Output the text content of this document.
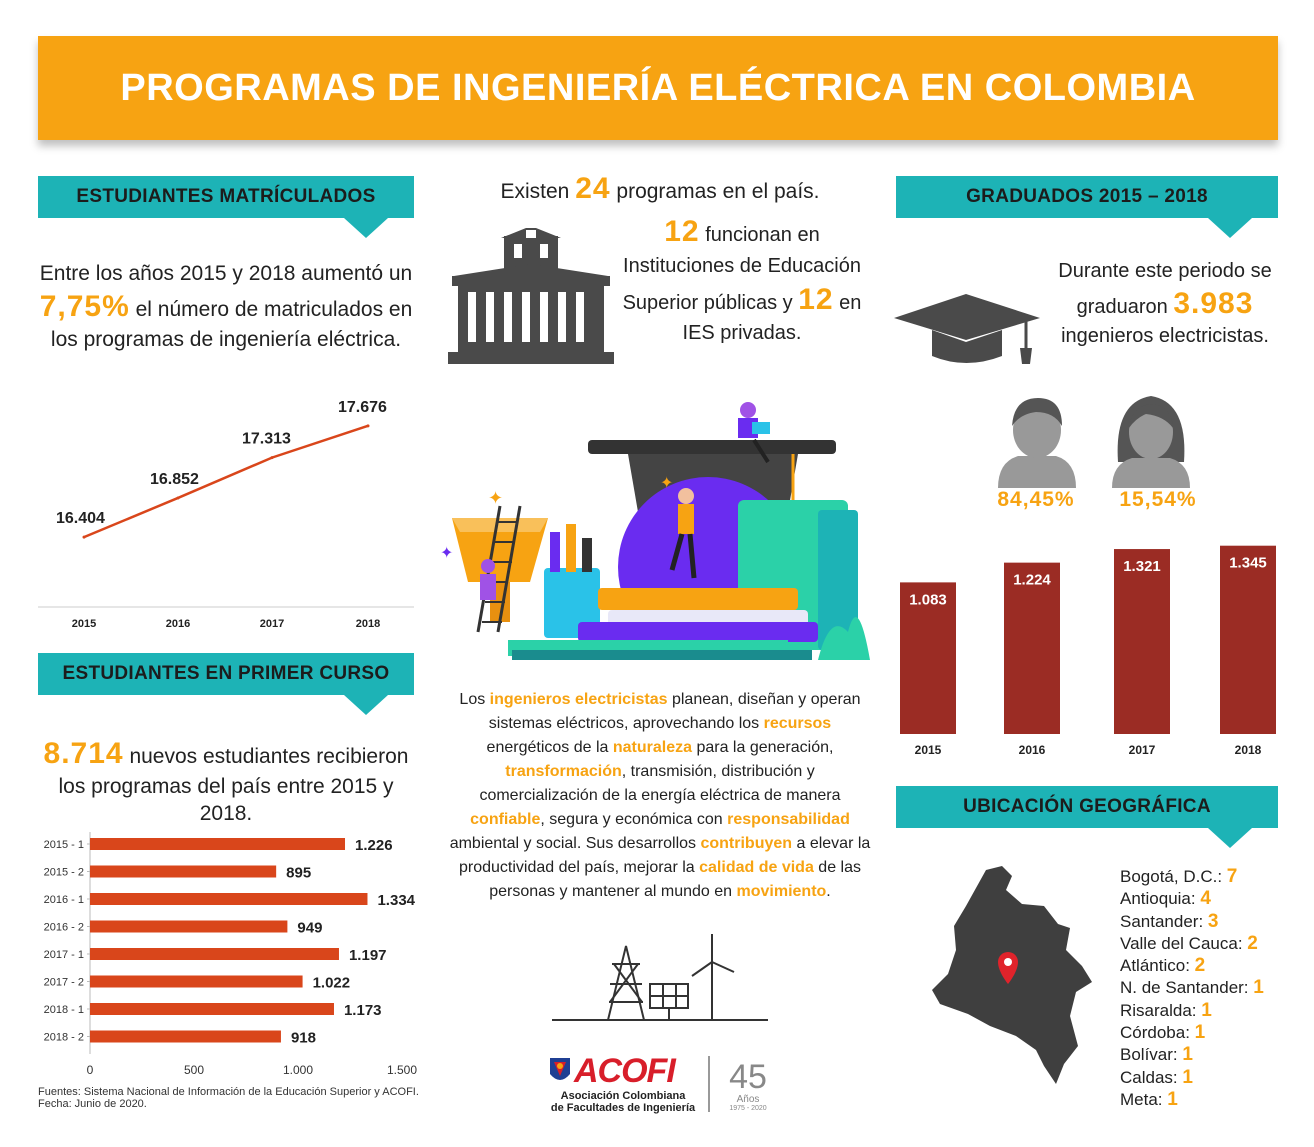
PROGRAMAS DE INGENIERÍA ELÉCTRICA EN COLOMBIA
ESTUDIANTES MATRÍCULADOS
Entre los años 2015 y 2018 aumentó un 7,75% el número de matriculados en los programas de ingeniería eléctrica.
16.404
16.852
17.313
17.676
2015	2016	2017	2018
ESTUDIANTES EN PRIMER CURSO
8.714 nuevos estudiantes recibieron los programas del país entre 2015 y 2018.
2015 - 1	1.226
2015 - 2	895
2016 - 1	1.334
2016 - 2	949
2017 - 1	1.197
2017 - 2	1.022
2018 - 1	1.173
2018 - 2	918
0	500	1.000	1.500
Fuentes: Sistema Nacional de Información de la Educación Superior y ACOFI.
Fecha: Junio de 2020.
Existen 24 programas en el país.
12 funcionan en Instituciones de Educación Superior públicas y 12 en IES privadas.
✦
✦
✦
Los ingenieros electricistas planean, diseñan y operan sistemas eléctricos, aprovechando los recursos energéticos de la naturaleza para la generación, transformación, transmisión, distribución y comercialización de la energía eléctrica de manera confiable, segura y económica con responsabilidad ambiental y social. Sus desarrollos contribuyen a elevar la productividad del país, mejorar la calidad de vida de las personas y mantener al mundo en movimiento.
ACOFI
Asociación Colombiana
de Facultades de Ingeniería
45
Años
1975 - 2020
GRADUADOS 2015 – 2018
Durante este periodo se graduaron 3.983 ingenieros electricistas.
84,45%	15,54%
1.083
2015
1.224
2016
1.321
2017
1.345
2018
UBICACIÓN GEOGRÁFICA
Bogotá, D.C.: 7
Antioquia: 4
Santander: 3
Valle del Cauca: 2
Atlántico: 2
N. de Santander: 1
Risaralda: 1
Córdoba: 1
Bolívar: 1
Caldas: 1
Meta: 1
